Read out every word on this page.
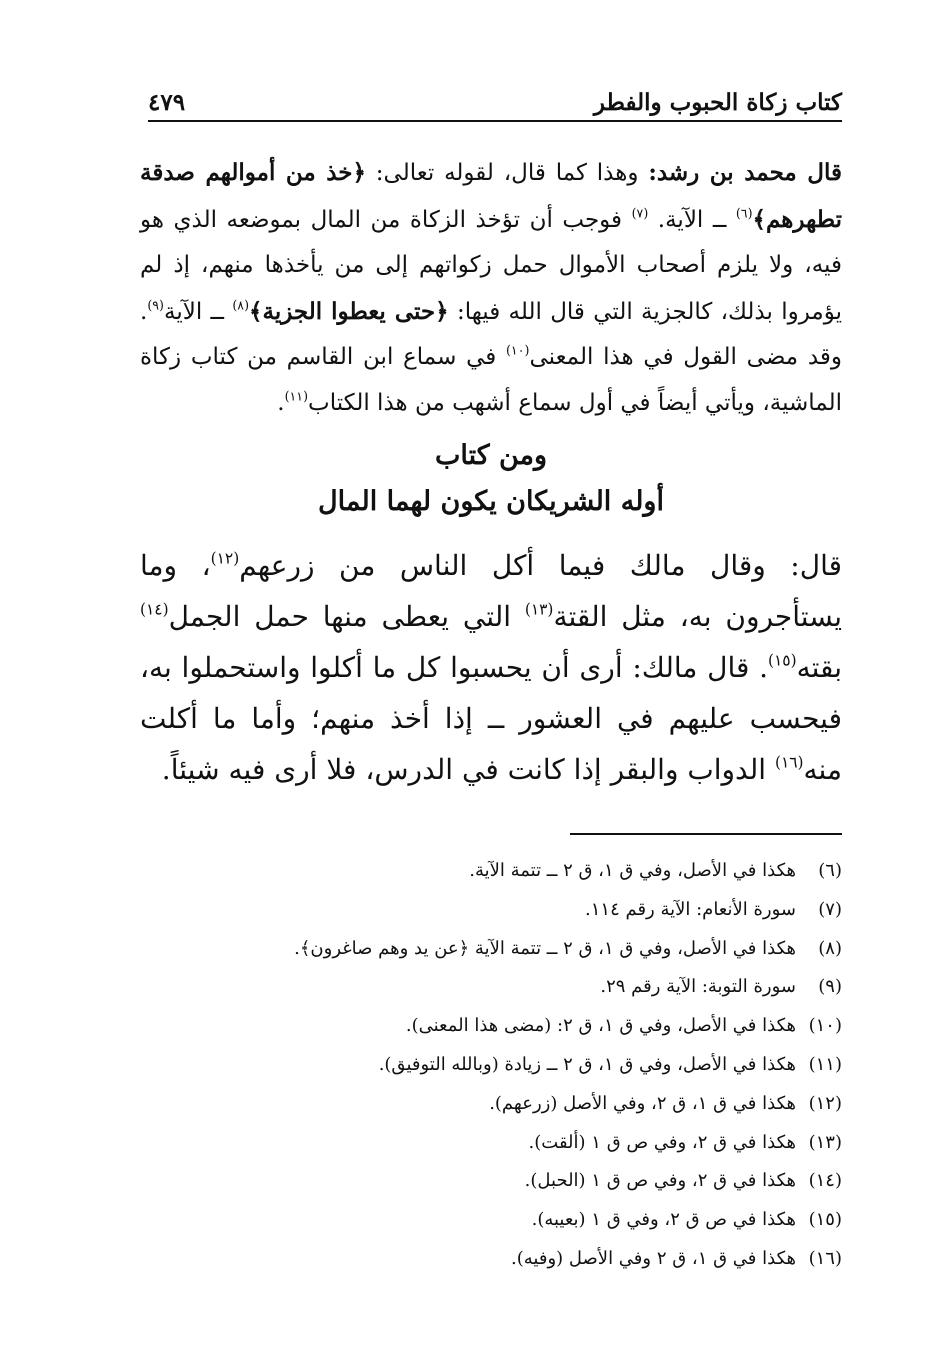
كتاب زكاة الحبوب والفطر
٤٧٩

قال محمد بن رشد: وهذا كما قال، لقوله تعالى: ﴿خذ من أموالهم صدقة تطهرهم﴾$^{(٦)}$ ــ الآية. $^{(٧)}$ فوجب أن تؤخذ الزكاة من المال بموضعه الذي هو فيه، ولا يلزم أصحاب الأموال حمل زكواتهم إلى من يأخذها منهم، إذ لم يؤمروا بذلك، كالجزية التي قال الله فيها: ﴿حتى يعطوا الجزية﴾$^{(٨)}$ ــ الآية$^{(٩)}$. وقد مضى القول في هذا المعنى$^{(١٠)}$ في سماع ابن القاسم من كتاب زكاة الماشية، ويأتي أيضاً في أول سماع أشهب من هذا الكتاب$^{(١١)}$.

ومن كتاب
أوله الشريكان يكون لهما المال

قال: وقال مالك فيما أكل الناس من زرعهم$^{(١٢)}$، وما يستأجرون به، مثل القتة$^{(١٣)}$ التي يعطى منها حمل الجمل$^{(١٤)}$ بقته$^{(١٥)}$. قال مالك: أرى أن يحسبوا كل ما أكلوا واستحملوا به، فيحسب عليهم في العشور ــ إذا أخذ منهم؛ وأما ما أكلت منه$^{(١٦)}$ الدواب والبقر إذا كانت في الدرس، فلا أرى فيه شيئاً.

(٦)
هكذا في الأصل، وفي ق ١، ق ٢ ــ تتمة الآية.
(٧)
سورة الأنعام: الآية رقم ١١٤.
(٨)
هكذا في الأصل، وفي ق ١، ق ٢ ــ تتمة الآية ﴿عن يد وهم صاغرون﴾.
(٩)
سورة التوبة: الآية رقم ٢٩.
(١٠)
هكذا في الأصل، وفي ق ١، ق ٢: (مضى هذا المعنى).
(١١)
هكذا في الأصل، وفي ق ١، ق ٢ ــ زيادة (وبالله التوفيق).
(١٢)
هكذا في ق ١، ق ٢، وفي الأصل (زرعهم).
(١٣)
هكذا في ق ٢، وفي ص ق ١ (ألقت).
(١٤)
هكذا في ق ٢، وفي ص ق ١ (الحبل).
(١٥)
هكذا في ص ق ٢، وفي ق ١ (بعيبه).
(١٦)
هكذا في ق ١، ق ٢ وفي الأصل (وفيه).
